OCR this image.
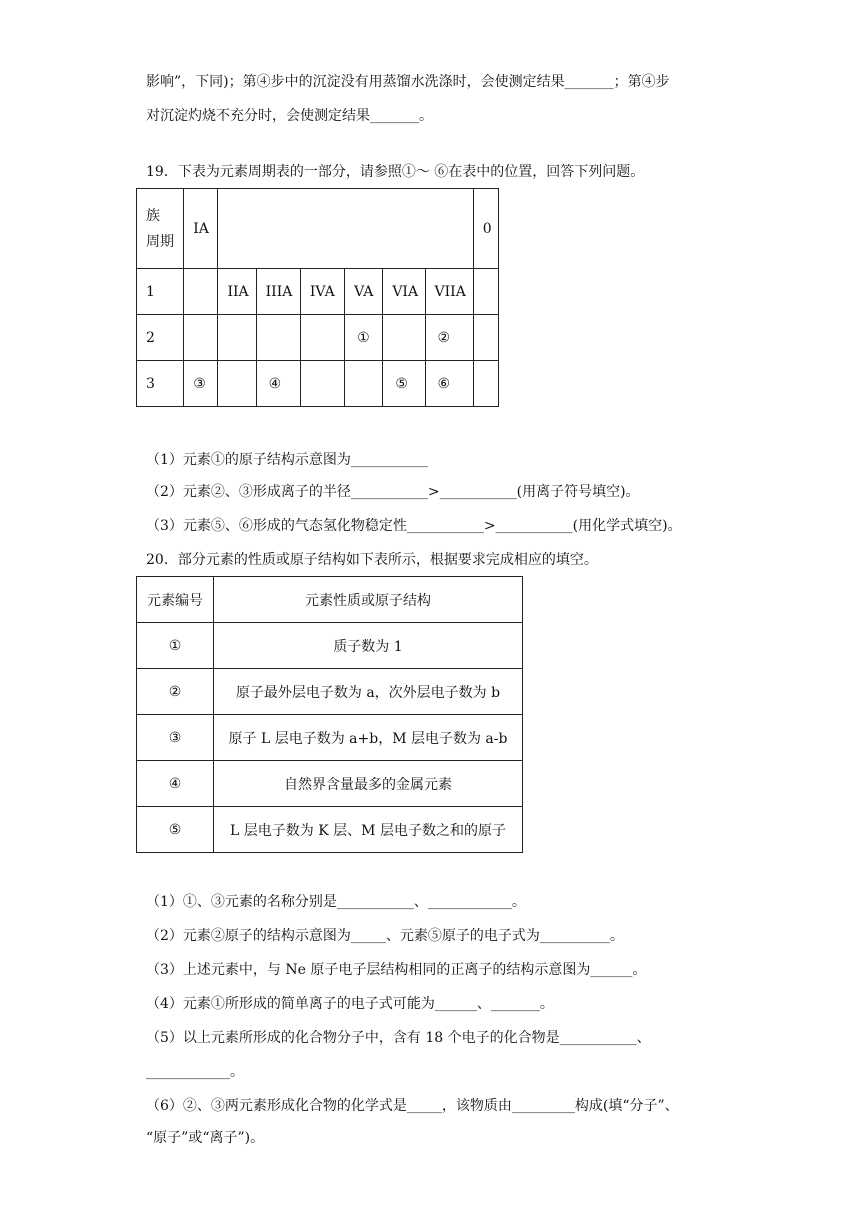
影响”，下同)；第④步中的沉淀没有用蒸馏水洗涤时，会使测定结果_______；第④步
对沉淀灼烧不充分时，会使测定结果_______。
19．下表为元素周期表的一部分，请参照①～ ⑥在表中的位置，回答下列问题。
族
周期	IA							0
1		IIA	IIIA	IVA	VA	VIA	VIIA	
2					①		②	
3	③		④			⑤	⑥	
（1）元素①的原子结构示意图为___________
（2）元素②、③形成离子的半径___________>___________(用离子符号填空)。
（3）元素⑤、⑥形成的气态氢化物稳定性___________>___________(用化学式填空)。
20．部分元素的性质或原子结构如下表所示，根据要求完成相应的填空。
元素编号	元素性质或原子结构
①	质子数为 1
②	原子最外层电子数为 a，次外层电子数为 b
③	原子 L 层电子数为 a+b，M 层电子数为 a-b
④	自然界含量最多的金属元素
⑤	L 层电子数为 K 层、M 层电子数之和的原子
（1）①、③元素的名称分别是___________、____________。
（2）元素②原子的结构示意图为_____、元素⑤原子的电子式为__________。
（3）上述元素中，与 Ne 原子电子层结构相同的正离子的结构示意图为______。
（4）元素①所形成的简单离子的电子式可能为______、_______。
（5）以上元素所形成的化合物分子中，含有 18 个电子的化合物是___________、
____________。
（6）②、③两元素形成化合物的化学式是_____，该物质由_________构成(填“分子”、
“原子”或“离子”)。
